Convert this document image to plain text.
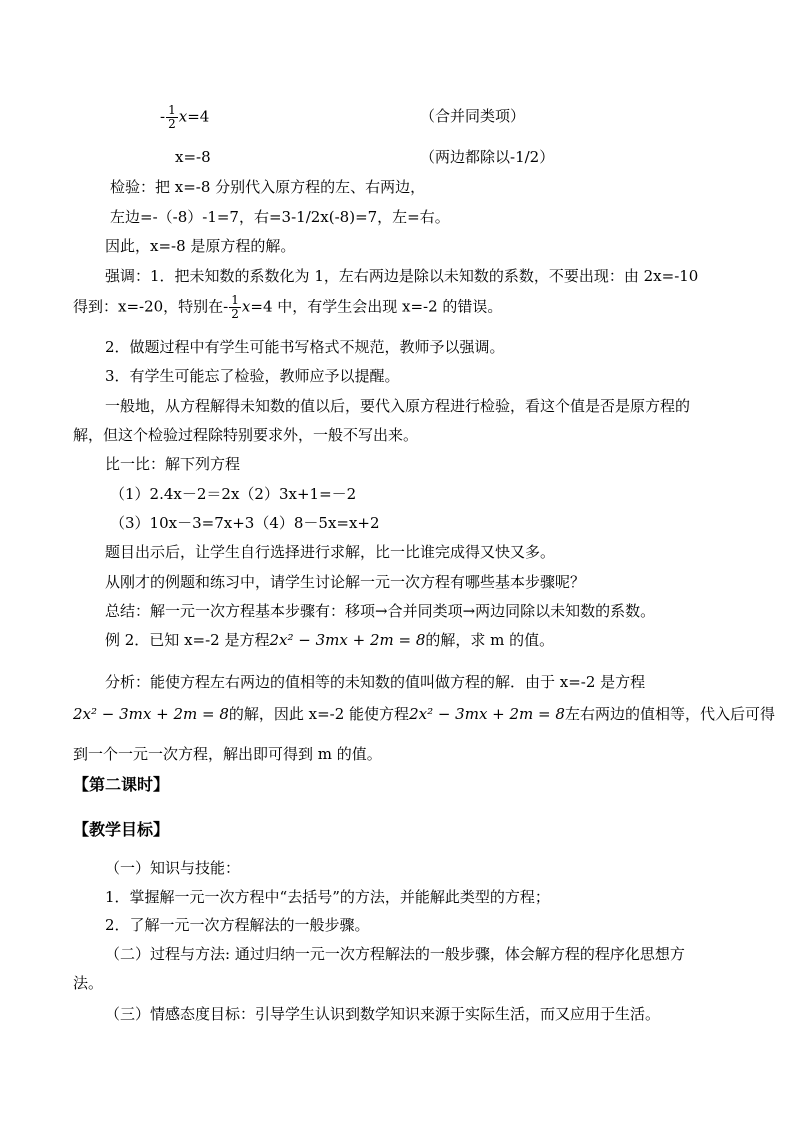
- $\frac{1}{2} x=4$	（合并同类项）
x=-8	（两边都除以-1/2）
检验：把 x=-8 分别代入原方程的左、右两边，
左边=-（-8）-1=7，右=3-1/2x(-8)=7，左=右。
因此，x=-8 是原方程的解。
强调：1．把未知数的系数化为 1，左右两边是除以未知数的系数，不要出现：由 2x=-10
得到：x=-20，特别在- $\frac{1}{2} x=4$ 中，有学生会出现 x=-2 的错误。
2．做题过程中有学生可能书写格式不规范，教师予以强调。
3．有学生可能忘了检验，教师应予以提醒。
一般地，从方程解得未知数的值以后，要代入原方程进行检验，看这个值是否是原方程的
解，但这个检验过程除特别要求外，一般不写出来。
比一比：解下列方程
（1）2.4x－2＝2x（2）3x+1=－2
（3）10x－3=7x+3（4）8－5x=x+2
题目出示后，让学生自行选择进行求解，比一比谁完成得又快又多。
从刚才的例题和练习中，请学生讨论解一元一次方程有哪些基本步骤呢？
总结：解一元一次方程基本步骤有：移项→合并同类项→两边同除以未知数的系数。
例 2．已知 x=-2 是方程2x² − 3mx + 2m = 8的解，求 m 的值。
分析：能使方程左右两边的值相等的未知数的值叫做方程的解．由于 x=-2 是方程
2x² − 3mx + 2m = 8的解，因此 x=-2 能使方程2x² − 3mx + 2m = 8左右两边的值相等，代入后可得
到一个一元一次方程，解出即可得到 m 的值。
【第二课时】
【教学目标】
（一）知识与技能：
1．掌握解一元一次方程中“去括号”的方法，并能解此类型的方程；
2．了解一元一次方程解法的一般步骤。
（二）过程与方法: 通过归纳一元一次方程解法的一般步骤，体会解方程的程序化思想方
法。
（三）情感态度目标：引导学生认识到数学知识来源于实际生活，而又应用于生活。
